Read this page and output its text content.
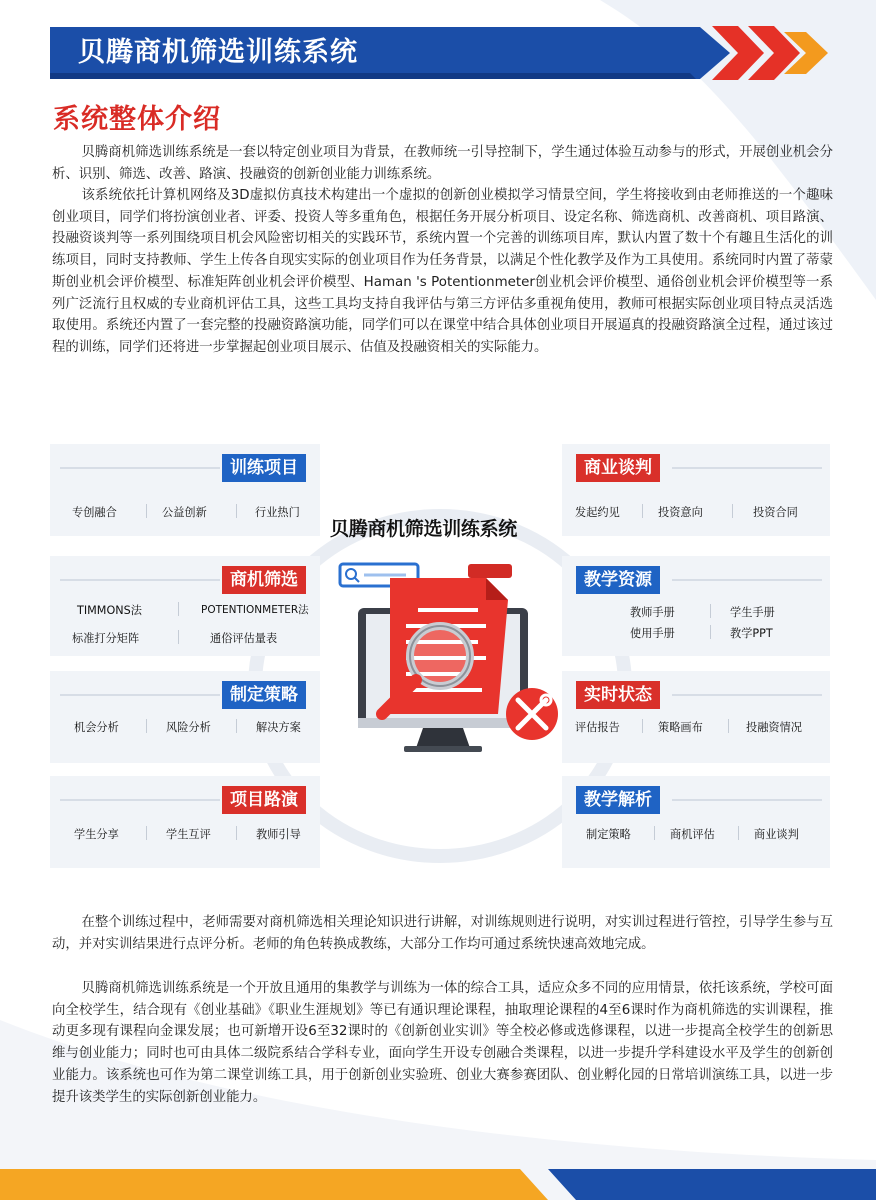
贝腾商机筛选训练系统
系统整体介绍

贝腾商机筛选训练系统是一套以特定创业项目为背景，在教师统一引导控制下，学生通过体验互动参与的形式，开展创业机会分析、识别、筛选、改善、路演、投融资的创新创业能力训练系统。

该系统依托计算机网络及3D虚拟仿真技术构建出一个虚拟的创新创业模拟学习情景空间，学生将接收到由老师推送的一个趣味创业项目，同学们将扮演创业者、评委、投资人等多重角色，根据任务开展分析项目、设定名称、筛选商机、改善商机、项目路演、投融资谈判等一系列围绕项目机会风险密切相关的实践环节，系统内置一个完善的训练项目库，默认内置了数十个有趣且生活化的训练项目，同时支持教师、学生上传各自现实实际的创业项目作为任务背景，以满足个性化教学及作为工具使用。系统同时内置了蒂蒙斯创业机会评价模型、标准矩阵创业机会评价模型、Haman 's Potentionmeter创业机会评价模型、通俗创业机会评价模型等一系列广泛流行且权威的专业商机评估工具，这些工具均支持自我评估与第三方评估多重视角使用，教师可根据实际创业项目特点灵活选取使用。系统还内置了一套完整的投融资路演功能，同学们可以在课堂中结合具体创业项目开展逼真的投融资路演全过程，通过该过程的训练，同学们还将进一步掌握起创业项目展示、估值及投融资相关的实际能力。

训练项目
专创融合	公益创新	行业热门
商机筛选
TIMMONS法	POTENTIONMETER法
标准打分矩阵	通俗评估量表
制定策略
机会分析	风险分析	解决方案
项目路演
学生分享	学生互评	教师引导
商业谈判
发起约见	投资意向	投资合同
教学资源
教师手册	学生手册
使用手册	教学PPT
实时状态
评估报告	策略画布	投融资情况
教学解析
制定策略	商机评估	商业谈判
贝腾商机筛选训练系统

在整个训练过程中，老师需要对商机筛选相关理论知识进行讲解，对训练规则进行说明，对实训过程进行管控，引导学生参与互动，并对实训结果进行点评分析。老师的角色转换成教练，大部分工作均可通过系统快速高效地完成。

贝腾商机筛选训练系统是一个开放且通用的集教学与训练为一体的综合工具，适应众多不同的应用情景，依托该系统，学校可面向全校学生，结合现有《创业基础》《职业生涯规划》等已有通识理论课程，抽取理论课程的4至6课时作为商机筛选的实训课程，推动更多现有课程向金课发展；也可新增开设6至32课时的《创新创业实训》等全校必修或选修课程，以进一步提高全校学生的创新思维与创业能力；同时也可由具体二级院系结合学科专业，面向学生开设专创融合类课程，以进一步提升学科建设水平及学生的创新创业能力。该系统也可作为第二课堂训练工具，用于创新创业实验班、创业大赛参赛团队、创业孵化园的日常培训演练工具，以进一步提升该类学生的实际创新创业能力。
